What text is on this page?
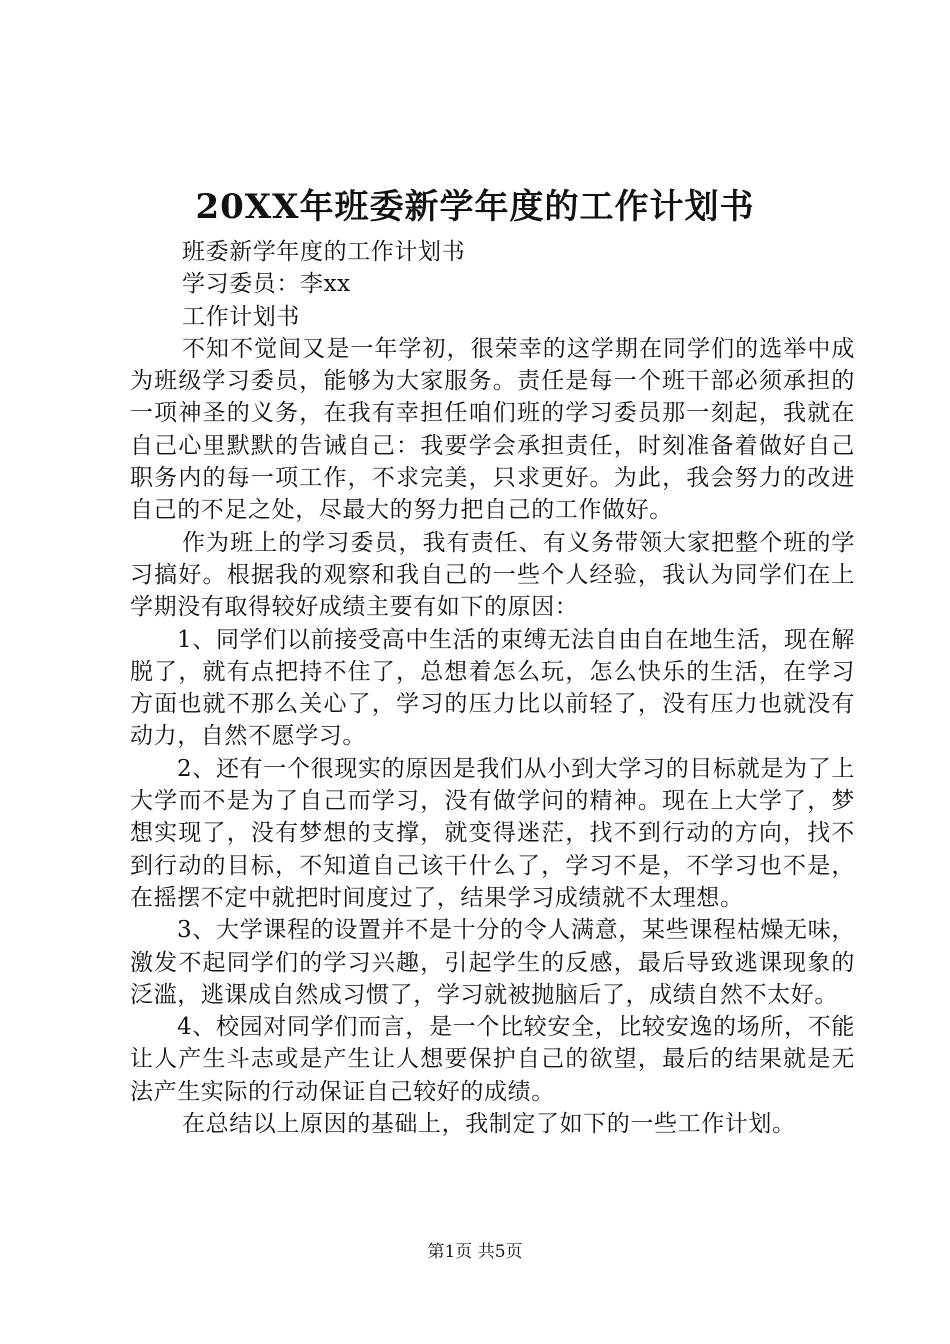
20XX年班委新学年度的工作计划书

班委新学年度的工作计划书

学习委员：李xx

工作计划书

不知不觉间又是一年学初，很荣幸的这学期在同学们的选举中成为班级学习委员，能够为大家服务。责任是每一个班干部必须承担的一项神圣的义务，在我有幸担任咱们班的学习委员那一刻起，我就在自己心里默默的告诫自己：我要学会承担责任，时刻准备着做好自己职务内的每一项工作，不求完美，只求更好。为此，我会努力的改进自己的不足之处，尽最大的努力把自己的工作做好。

作为班上的学习委员，我有责任、有义务带领大家把整个班的学习搞好。根据我的观察和我自己的一些个人经验，我认为同学们在上学期没有取得较好成绩主要有如下的原因：

1、同学们以前接受高中生活的束缚无法自由自在地生活，现在解脱了，就有点把持不住了，总想着怎么玩，怎么快乐的生活，在学习方面也就不那么关心了，学习的压力比以前轻了，没有压力也就没有动力，自然不愿学习。

2、还有一个很现实的原因是我们从小到大学习的目标就是为了上大学而不是为了自己而学习，没有做学问的精神。现在上大学了，梦想实现了，没有梦想的支撑，就变得迷茫，找不到行动的方向，找不到行动的目标，不知道自己该干什么了，学习不是，不学习也不是，在摇摆不定中就把时间度过了，结果学习成绩就不太理想。

3、大学课程的设置并不是十分的令人满意，某些课程枯燥无味，激发不起同学们的学习兴趣，引起学生的反感，最后导致逃课现象的泛滥，逃课成自然成习惯了，学习就被抛脑后了，成绩自然不太好。

4、校园对同学们而言，是一个比较安全，比较安逸的场所，不能让人产生斗志或是产生让人想要保护自己的欲望，最后的结果就是无法产生实际的行动保证自己较好的成绩。

在总结以上原因的基础上，我制定了如下的一些工作计划。

第1页 共5页
